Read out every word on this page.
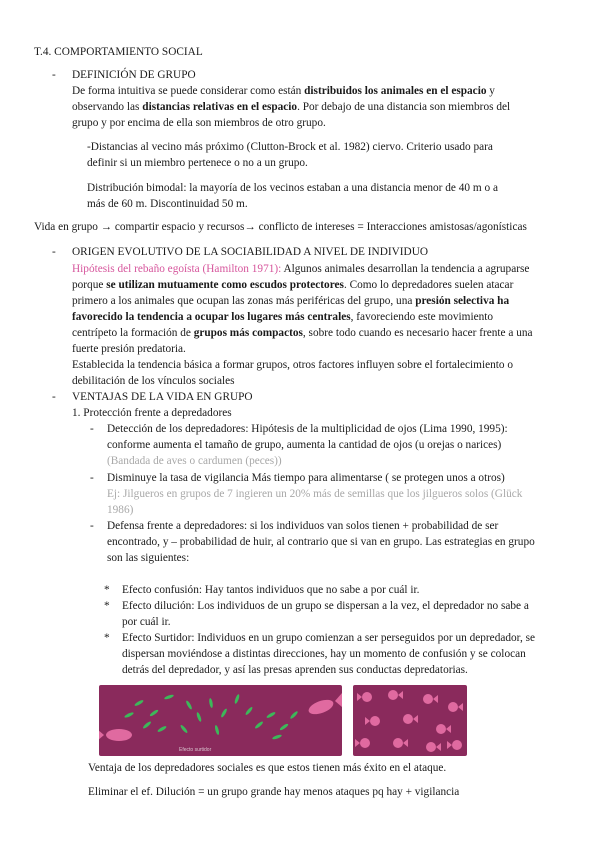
T.4. COMPORTAMIENTO SOCIAL
- DEFINICIÓN DE GRUPO
De forma intuitiva se puede considerar como están distribuidos los animales en el espacio y
observando las distancias relativas en el espacio. Por debajo de una distancia son miembros del
grupo y por encima de ella son miembros de otro grupo.
-Distancias al vecino más próximo (Clutton-Brock et al. 1982) ciervo. Criterio usado para
definir si un miembro pertenece o no a un grupo.
Distribución bimodal: la mayoría de los vecinos estaban a una distancia menor de 40 m o a
más de 60 m. Discontinuidad 50 m.
Vida en grupo → compartir espacio y recursos→ conflicto de intereses = Interacciones amistosas/agonísticas
- ORIGEN EVOLUTIVO DE LA SOCIABILIDAD A NIVEL DE INDIVIDUO
Hipótesis del rebaño egoísta (Hamilton 1971): Algunos animales desarrollan la tendencia a agruparse
porque se utilizan mutuamente como escudos protectores. Como lo depredadores suelen atacar
primero a los animales que ocupan las zonas más periféricas del grupo, una presión selectiva ha
favorecido la tendencia a ocupar los lugares más centrales, favoreciendo este movimiento
centrípeto la formación de grupos más compactos, sobre todo cuando es necesario hacer frente a una
fuerte presión predatoria.
Establecida la tendencia básica a formar grupos, otros factores influyen sobre el fortalecimiento o
debilitación de los vínculos sociales
- VENTAJAS DE LA VIDA EN GRUPO
1. Protección frente a depredadores
- Detección de los depredadores: Hipótesis de la multiplicidad de ojos (Lima 1990, 1995):
conforme aumenta el tamaño de grupo, aumenta la cantidad de ojos (u orejas o narices)
(Bandada de aves o cardumen (peces))
- Disminuye la tasa de vigilancia Más tiempo para alimentarse ( se protegen unos a otros)
Ej: Jilgueros en grupos de 7 ingieren un 20% más de semillas que los jilgueros solos (Glück
1986)
- Defensa frente a depredadores: si los individuos van solos tienen + probabilidad de ser
encontrado, y – probabilidad de huir, al contrario que si van en grupo. Las estrategias en grupo
son las siguientes:
* Efecto confusión: Hay tantos individuos que no sabe a por cuál ir.
* Efecto dilución: Los individuos de un grupo se dispersan a la vez, el depredador no sabe a
por cuál ir.
* Efecto Surtidor: Individuos en un grupo comienzan a ser perseguidos por un depredador, se
dispersan moviéndose a distintas direcciones, hay un momento de confusión y se colocan
detrás del depredador, y así las presas aprenden sus conductas depredatorias.
Efecto surtidor
Ventaja de los depredadores sociales es que estos tienen más éxito en el ataque.
Eliminar el ef. Dilución = un grupo grande hay menos ataques pq hay + vigilancia
